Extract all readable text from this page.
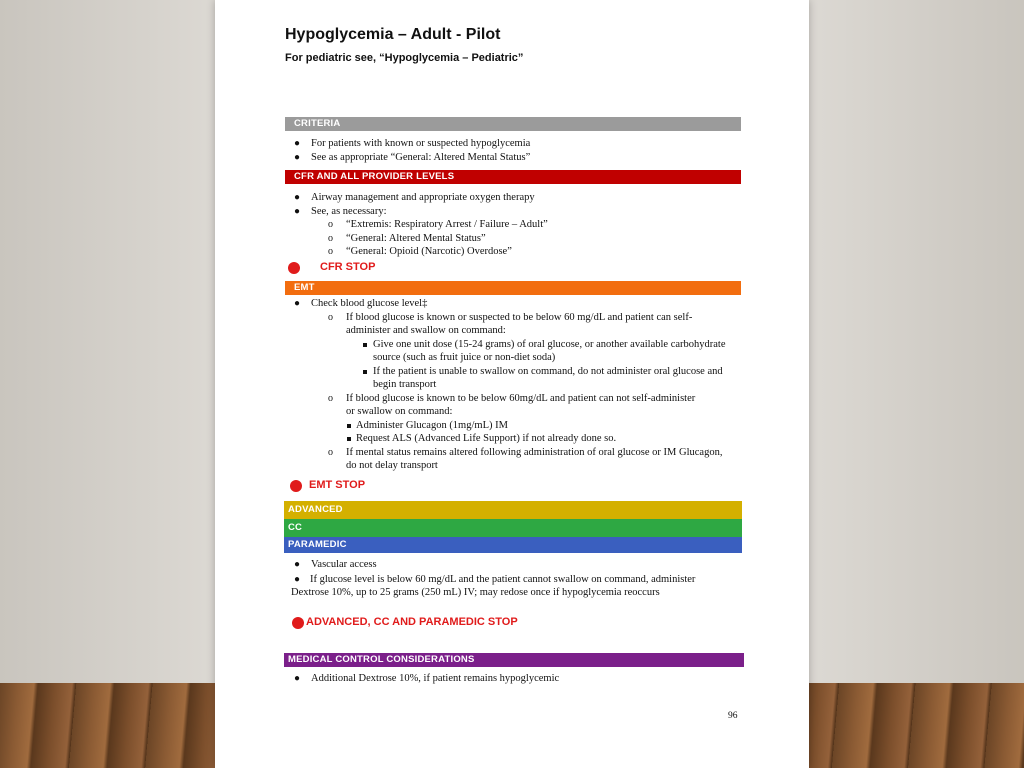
Hypoglycemia – Adult - Pilot
For pediatric see, “Hypoglycemia – Pediatric”
CRITERIA
● For patients with known or suspected hypoglycemia
● See as appropriate “General: Altered Mental Status”
CFR AND ALL PROVIDER LEVELS
● Airway management and appropriate oxygen therapy
● See, as necessary:
o “Extremis: Respiratory Arrest / Failure – Adult”
o “General: Altered Mental Status”
o “General: Opioid (Narcotic) Overdose”
CFR STOP
EMT
● Check blood glucose level‡
o If blood glucose is known or suspected to be below 60 mg/dL and patient can self-administer and swallow on command:
Give one unit dose (15-24 grams) of oral glucose, or another available carbohydrate source (such as fruit juice or non-diet soda)
If the patient is unable to swallow on command, do not administer oral glucose and begin transport
o If blood glucose is known to be below 60mg/dL and patient can not self-administer or swallow on command:
Administer Glucagon (1mg/mL) IM
Request ALS (Advanced Life Support) if not already done so.
o If mental status remains altered following administration of oral glucose or IM Glucagon, do not delay transport
EMT STOP
ADVANCED
CC
PARAMEDIC
● Vascular access
● If glucose level is below 60 mg/dL and the patient cannot swallow on command, administer Dextrose 10%, up to 25 grams (250 mL) IV; may redose once if hypoglycemia reoccurs
ADVANCED, CC AND PARAMEDIC STOP
MEDICAL CONTROL CONSIDERATIONS
● Additional Dextrose 10%, if patient remains hypoglycemic
96
